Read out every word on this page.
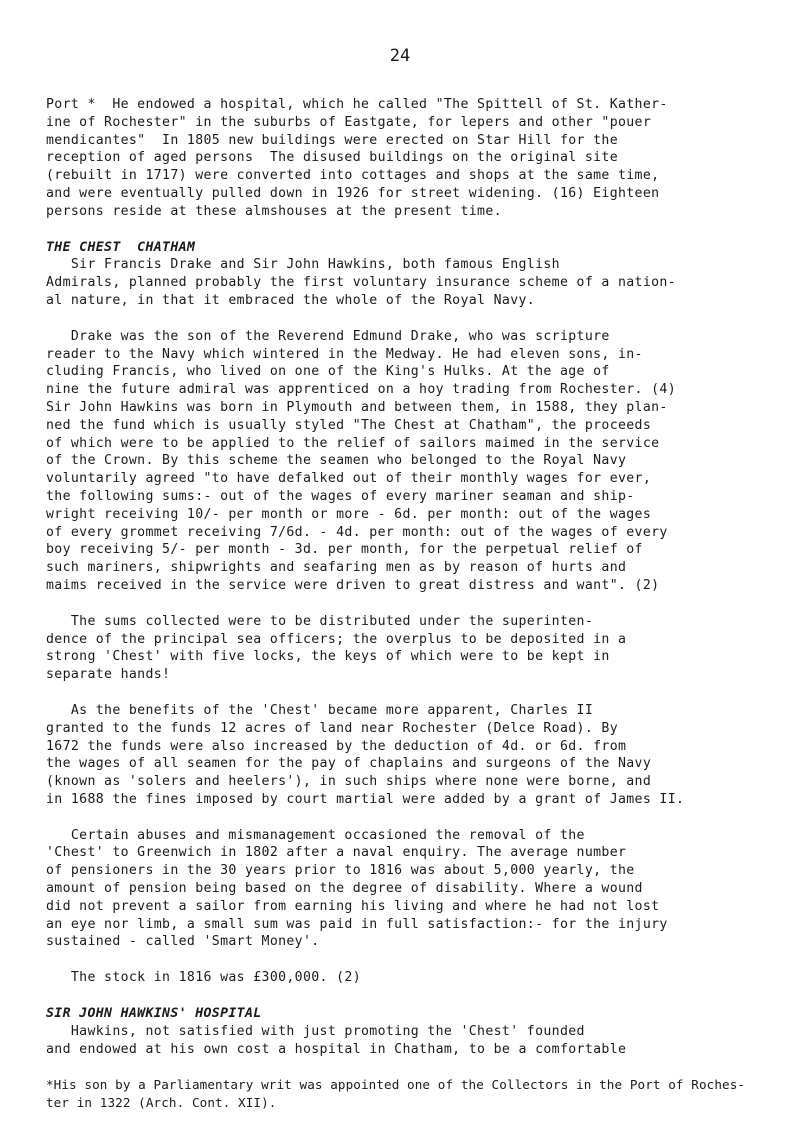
24
Port *  He endowed a hospital, which he called "The Spittell of St. Kather-
ine of Rochester" in the suburbs of Eastgate, for lepers and other "pouer
mendicantes"  In 1805 new buildings were erected on Star Hill for the
reception of aged persons  The disused buildings on the original site
(rebuilt in 1717) were converted into cottages and shops at the same time,
and were eventually pulled down in 1926 for street widening. (16) Eighteen
persons reside at these almshouses at the present time.
THE CHEST  CHATHAM
Sir Francis Drake and Sir John Hawkins, both famous English
Admirals, planned probably the first voluntary insurance scheme of a nation-
al nature, in that it embraced the whole of the Royal Navy.
Drake was the son of the Reverend Edmund Drake, who was scripture
reader to the Navy which wintered in the Medway. He had eleven sons, in-
cluding Francis, who lived on one of the King's Hulks. At the age of
nine the future admiral was apprenticed on a hoy trading from Rochester. (4)
Sir John Hawkins was born in Plymouth and between them, in 1588, they plan-
ned the fund which is usually styled "The Chest at Chatham", the proceeds
of which were to be applied to the relief of sailors maimed in the service
of the Crown. By this scheme the seamen who belonged to the Royal Navy
voluntarily agreed "to have defalked out of their monthly wages for ever,
the following sums:- out of the wages of every mariner seaman and ship-
wright receiving 10/- per month or more - 6d. per month: out of the wages
of every grommet receiving 7/6d. - 4d. per month: out of the wages of every
boy receiving 5/- per month - 3d. per month, for the perpetual relief of
such mariners, shipwrights and seafaring men as by reason of hurts and
maims received in the service were driven to great distress and want". (2)
The sums collected were to be distributed under the superinten-
dence of the principal sea officers; the overplus to be deposited in a
strong 'Chest' with five locks, the keys of which were to be kept in
separate hands!
As the benefits of the 'Chest' became more apparent, Charles II
granted to the funds 12 acres of land near Rochester (Delce Road). By
1672 the funds were also increased by the deduction of 4d. or 6d. from
the wages of all seamen for the pay of chaplains and surgeons of the Navy
(known as 'solers and heelers'), in such ships where none were borne, and
in 1688 the fines imposed by court martial were added by a grant of James II.
Certain abuses and mismanagement occasioned the removal of the
'Chest' to Greenwich in 1802 after a naval enquiry. The average number
of pensioners in the 30 years prior to 1816 was about 5,000 yearly, the
amount of pension being based on the degree of disability. Where a wound
did not prevent a sailor from earning his living and where he had not lost
an eye nor limb, a small sum was paid in full satisfaction:- for the injury
sustained - called 'Smart Money'.
The stock in 1816 was £300,000. (2)
SIR JOHN HAWKINS' HOSPITAL
Hawkins, not satisfied with just promoting the 'Chest' founded
and endowed at his own cost a hospital in Chatham, to be a comfortable
*His son by a Parliamentary writ was appointed one of the Collectors in the Port of Roches-
ter in 1322 (Arch. Cont. XII).
